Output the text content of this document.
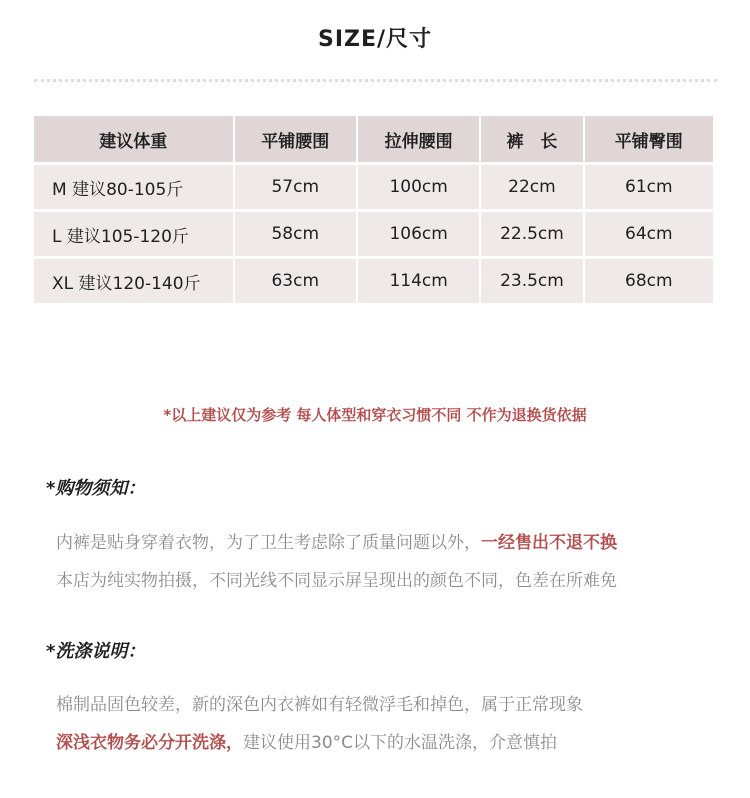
SIZE/尺寸
建议体重	平铺腰围	拉伸腰围	裤　长	平铺臀围
M 建议80-105斤	57cm	100cm	22cm	61cm
L 建议105-120斤	58cm	106cm	22.5cm	64cm
XL 建议120-140斤	63cm	114cm	23.5cm	68cm
*以上建议仅为参考 每人体型和穿衣习惯不同 不作为退换货依据
*购物须知：
内裤是贴身穿着衣物，为了卫生考虑除了质量问题以外，一经售出不退不换
本店为纯实物拍摄，不同光线不同显示屏呈现出的颜色不同，色差在所难免
*洗涤说明：
棉制品固色较差，新的深色内衣裤如有轻微浮毛和掉色，属于正常现象
深浅衣物务必分开洗涤，建议使用30°C以下的水温洗涤，介意慎拍
